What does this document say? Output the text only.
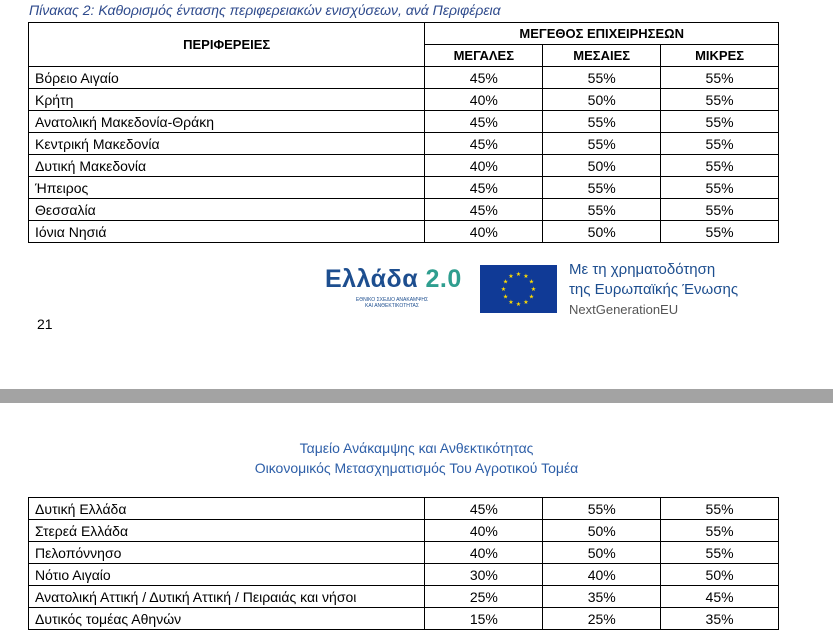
Πίνακας 2: Καθορισμός έντασης περιφερειακών ενισχύσεων, ανά Περιφέρεια
ΠΕΡΙΦΕΡΕΙΕΣ	ΜΕΓΕΘΟΣ ΕΠΙΧΕΙΡΗΣΕΩΝ		
	ΜΕΓΑΛΕΣ	ΜΕΣΑΙΕΣ	ΜΙΚΡΕΣ
Βόρειο Αιγαίο	45%	55%	55%
Κρήτη	40%	50%	55%
Ανατολική Μακεδονία-Θράκη	45%	55%	55%
Κεντρική Μακεδονία	45%	55%	55%
Δυτική Μακεδονία	40%	50%	55%
Ήπειρος	45%	55%	55%
Θεσσαλία	45%	55%	55%
Ιόνια Νησιά	40%	50%	55%
Ελλάδα 2.0
ΕΘΝΙΚΟ ΣΧΕΔΙΟ ΑΝΑΚΑΜΨΗΣ
ΚΑΙ ΑΝΘΕΚΤΙΚΟΤΗΤΑΣ
★ ★
★
★
★
★
★
★
★
★
★
★	Με τη χρηματοδότηση
της Ευρωπαϊκής Ένωσης
NextGenerationEU
21
Ταμείο Ανάκαμψης και Ανθεκτικότητας
Οικονομικός Μετασχηματισμός Του Αγροτικού Τομέα
Δυτική Ελλάδα	45%	55%	55%
Στερεά Ελλάδα	40%	50%	55%
Πελοπόννησο	40%	50%	55%
Νότιο Αιγαίο	30%	40%	50%
Ανατολική Αττική / Δυτική Αττική / Πειραιάς και νήσοι	25%	35%	45%
Δυτικός τομέας Αθηνών	15%	25%	35%
